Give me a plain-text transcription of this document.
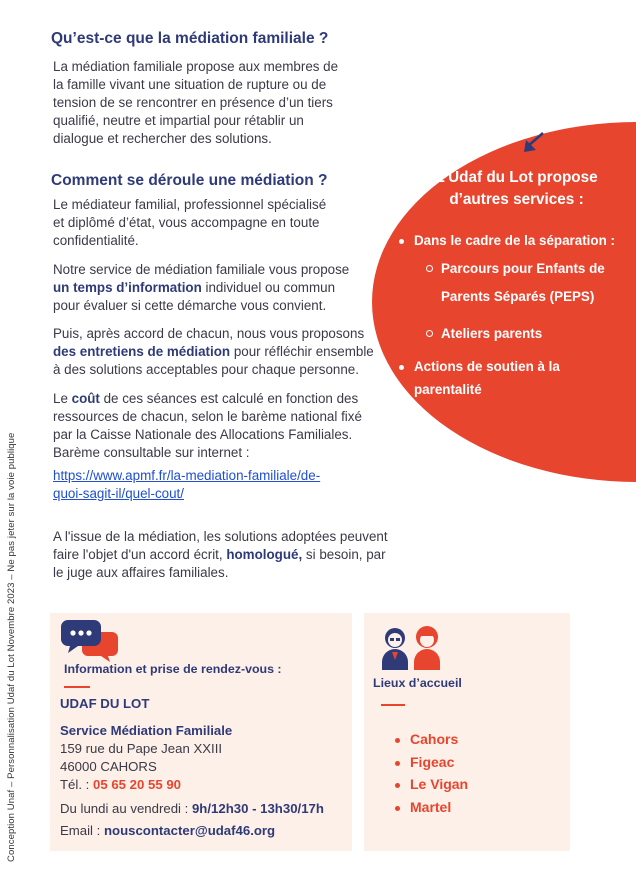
Conception Unaf – Personnalisation Udaf du Lot Novembre 2023 – Ne pas jeter sur la voie publique
Qu’est-ce que la médiation familiale ?
La médiation familiale propose aux membres de
la famille vivant une situation de rupture ou de
tension de se rencontrer en présence d’un tiers
qualifié, neutre et impartial pour rétablir un
dialogue et rechercher des solutions.
Comment se déroule une médiation ?
Le médiateur familial, professionnel spécialisé
et diplômé d’état, vous accompagne en toute
confidentialité.
Notre service de médiation familiale vous propose
un temps d’information individuel ou commun
pour évaluer si cette démarche vous convient.
Puis, après accord de chacun, nous vous proposons
des entretiens de médiation pour réfléchir ensemble
à des solutions acceptables pour chaque personne.
Le coût de ces séances est calculé en fonction des
ressources de chacun, selon le barème national fixé
par la Caisse Nationale des Allocations Familiales.
Barème consultable sur internet :
https://www.apmf.fr/la-mediation-familiale/de-
quoi-sagit-il/quel-cout/
A l'issue de la médiation, les solutions adoptées peuvent
faire l'objet d'un accord écrit, homologué, si besoin, par
le juge aux affaires familiales.
L’Udaf du Lot propose
d’autres services :
Dans le cadre de la séparation :
Parcours pour Enfants de
Parents Séparés (PEPS)
Ateliers parents
Actions de soutien à la
parentalité
Information et prise de rendez-vous :
UDAF DU LOT
Service Médiation Familiale
159 rue du Pape Jean XXIII
46000 CAHORS
Tél. : 05 65 20 55 90
Du lundi au vendredi : 9h/12h30 - 13h30/17h
Email : nouscontacter@udaf46.org
Lieux d’accueil
Cahors
Figeac
Le Vigan
Martel
